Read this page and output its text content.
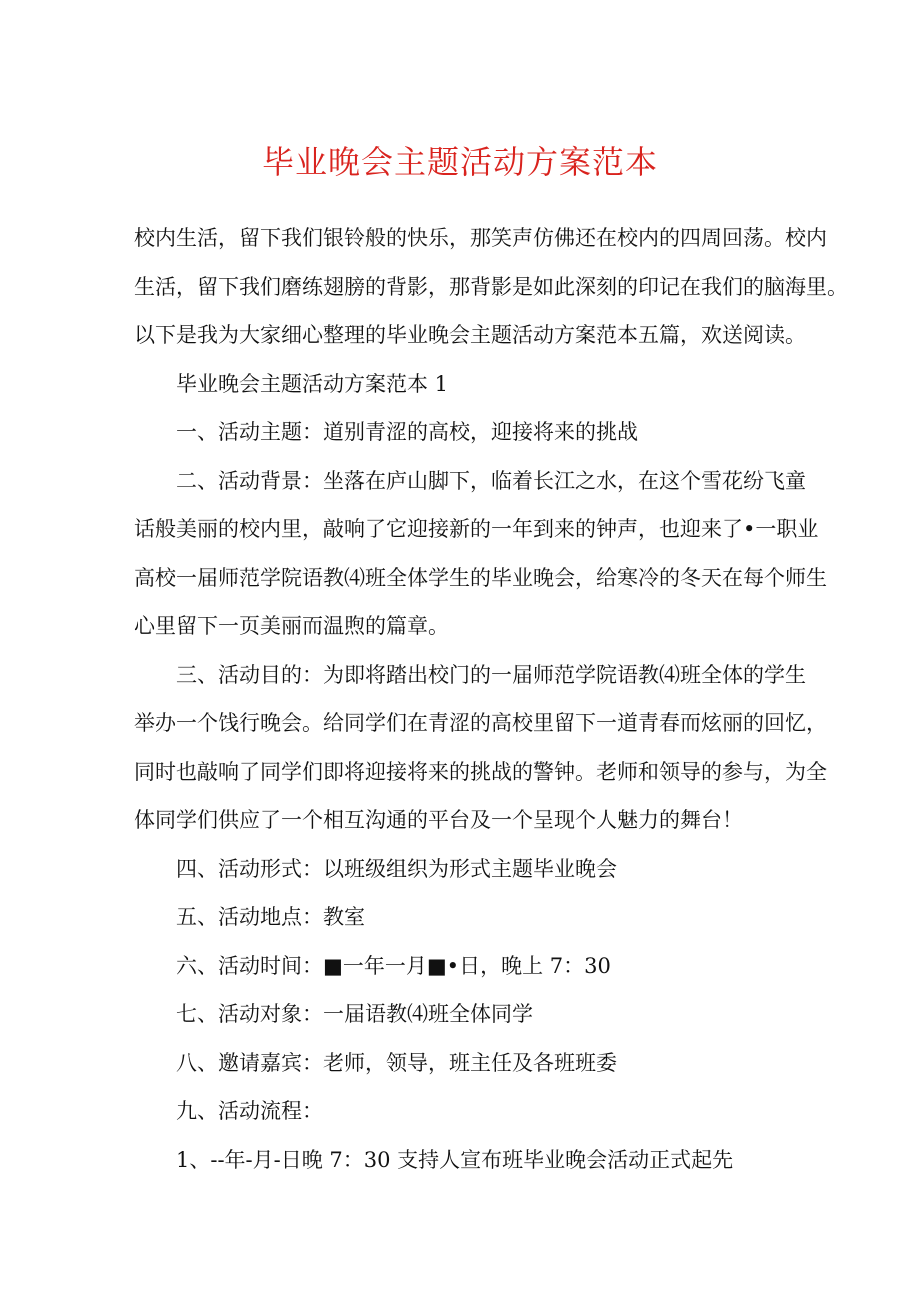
毕业晚会主题活动方案范本

校内生活，留下我们银铃般的快乐，那笑声仿佛还在校内的四周回荡。校内
生活，留下我们磨练翅膀的背影，那背影是如此深刻的印记在我们的脑海里。
以下是我为大家细心整理的毕业晚会主题活动方案范本五篇，欢送阅读。

毕业晚会主题活动方案范本 1

一、活动主题：道别青涩的高校，迎接将来的挑战

二、活动背景：坐落在庐山脚下，临着长江之水，在这个雪花纷飞童
话般美丽的校内里，敲响了它迎接新的一年到来的钟声，也迎来了•一职业
高校一届师范学院语教⑷班全体学生的毕业晚会，给寒冷的冬天在每个师生
心里留下一页美丽而温煦的篇章。

三、活动目的：为即将踏出校门的一届师范学院语教⑷班全体的学生
举办一个饯行晚会。给同学们在青涩的高校里留下一道青春而炫丽的回忆，
同时也敲响了同学们即将迎接将来的挑战的警钟。老师和领导的参与，为全
体同学们供应了一个相互沟通的平台及一个呈现个人魅力的舞台！

四、活动形式：以班级组织为形式主题毕业晚会

五、活动地点：教室

六、活动时间：■一年一月■•日，晚上 7：30

七、活动对象：一届语教⑷班全体同学

八、邀请嘉宾：老师，领导，班主任及各班班委

九、活动流程：

1、--年-月-日晚 7：30 支持人宣布班毕业晚会活动正式起先
